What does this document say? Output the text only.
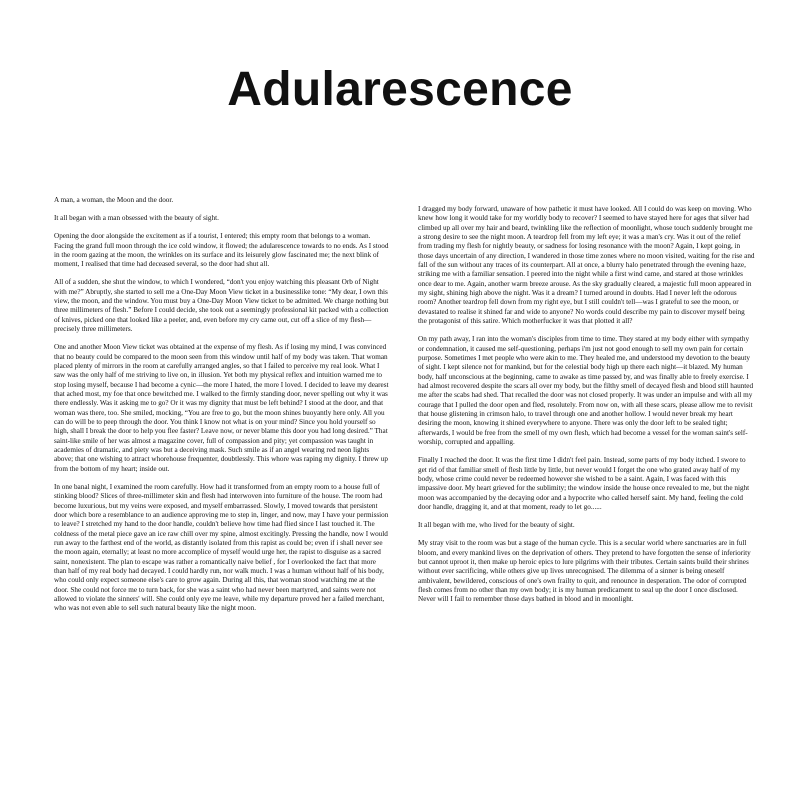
Adularescence

A man, a woman, the Moon and the door.

It all began with a man obsessed with the beauty of sight.

Opening the door alongside the excitement as if a tourist, I entered; this empty room that belongs to a woman. Facing the grand full moon through the ice cold window, it flowed; the adularescence towards to no ends. As I stood in the room gazing at the moon, the wrinkles on its surface and its leisurely glow fascinated me; the next blink of moment, I realised that time had deceased several, so the door had shut all.

All of a sudden, she shut the window, to which I wondered, “don't you enjoy watching this pleasant Orb of Night with me?” Abruptly, she started to sell me a One-Day Moon View ticket in a businesslike tone: “My dear, I own this view, the moon, and the window. You must buy a One-Day Moon View ticket to be admitted. We charge nothing but three millimeters of flesh.” Before I could decide, she took out a seemingly professional kit packed with a collection of knives, picked one that looked like a peeler, and, even before my cry came out, cut off a slice of my flesh—precisely three millimeters.

One and another Moon View ticket was obtained at the expense of my flesh. As if losing my mind, I was convinced that no beauty could be compared to the moon seen from this window until half of my body was taken. That woman placed plenty of mirrors in the room at carefully arranged angles, so that I failed to perceive my real look. What I saw was the only half of me striving to live on, in illusion. Yet both my physical reflex and intuition warned me to stop losing myself, because I had become a cynic—the more I hated, the more I loved. I decided to leave my dearest that ached most, my foe that once bewitched me. I walked to the firmly standing door, never spelling out why it was there endlessly. Was it asking me to go? Or it was my dignity that must be left behind? I stood at the door, and that woman was there, too. She smiled, mocking, “You are free to go, but the moon shines buoyantly here only. All you can do will be to peep through the door. You think I know not what is on your mind? Since you hold yourself so high, shall I break the door to help you flee faster? Leave now, or never blame this door you had long desired.” That saint-like smile of her was almost a magazine cover, full of compassion and pity; yet compassion was taught in academies of dramatic, and piety was but a deceiving mask. Such smile as if an angel wearing red neon lights above; that one wishing to attract whorehouse frequenter, doubtlessly. This whore was raping my dignity. I threw up from the bottom of my heart; inside out.

In one banal night, I examined the room carefully. How had it transformed from an empty room to a house full of stinking blood? Slices of three-millimeter skin and flesh had interwoven into furniture of the house. The room had become luxurious, but my veins were exposed, and myself embarrassed. Slowly, I moved towards that persistent door which bore a resemblance to an audience approving me to step in, linger, and now, may I have your permission to leave? I stretched my hand to the door handle, couldn't believe how time had flied since I last touched it. The coldness of the metal piece gave an ice raw chill over my spine, almost excitingly. Pressing the handle, now I would run away to the farthest end of the world, as distantly isolated from this rapist as could be; even if i shall never see the moon again, eternally; at least no more accomplice of myself would urge her, the rapist to disguise as a sacred saint, nonexistent. The plan to escape was rather a romantically naive belief , for I overlooked the fact that more than half of my real body had decayed. I could hardly run, nor walk much. I was a human without half of his body, who could only expect someone else's care to grow again. During all this, that woman stood watching me at the door. She could not force me to turn back, for she was a saint who had never been martyred, and saints were not allowed to violate the sinners' will. She could only eye me leave, while my departure proved her a failed merchant, who was not even able to sell such natural beauty like the night moon.

I dragged my body forward, unaware of how pathetic it must have looked. All I could do was keep on moving. Who knew how long it would take for my worldly body to recover? I seemed to have stayed here for ages that silver had climbed up all over my hair and beard, twinkling like the reflection of moonlight, whose touch suddenly brought me a strong desire to see the night moon. A teardrop fell from my left eye; it was a man's cry. Was it out of the relief from trading my flesh for nightly beauty, or sadness for losing resonance with the moon? Again, I kept going, in those days uncertain of any direction, I wandered in those time zones where no moon visited, waiting for the rise and fall of the sun without any traces of its counterpart. All at once, a blurry halo penetrated through the evening haze, striking me with a familiar sensation. I peered into the night while a first wind came, and stared at those wrinkles once dear to me. Again, another warm breeze arouse. As the sky gradually cleared, a majestic full moon appeared in my sight, shining high above the night. Was it a dream? I turned around in doubts. Had I never left the odorous room? Another teardrop fell down from my right eye, but I still couldn't tell—was I grateful to see the moon, or devastated to realise it shined far and wide to anyone? No words could describe my pain to discover myself being the protagonist of this satire. Which motherfucker it was that plotted it all?

On my path away, I ran into the woman's disciples from time to time. They stared at my body either with sympathy or condemnation, it caused me self-questioning, perhaps i'm just not good enough to sell my own pain for certain purpose. Sometimes I met people who were akin to me. They healed me, and understood my devotion to the beauty of sight. I kept silence not for mankind, but for the celestial body high up there each night—it blazed. My human body, half unconscious at the beginning, came to awake as time passed by, and was finally able to freely exercise. I had almost recovered despite the scars all over my body, but the filthy smell of decayed flesh and blood still haunted me after the scabs had shed. That recalled the door was not closed properly. It was under an impulse and with all my courage that I pulled the door open and fled, resolutely. From now on, with all these scars, please allow me to revisit that house glistening in crimson halo, to travel through one and another hollow. I would never break my heart desiring the moon, knowing it shined everywhere to anyone. There was only the door left to be sealed tight; afterwards, I would be free from the smell of my own flesh, which had become a vessel for the woman saint's self-worship, corrupted and appalling.

Finally I reached the door. It was the first time I didn't feel pain. Instead, some parts of my body itched. I swore to get rid of that familiar smell of flesh little by little, but never would I forget the one who grated away half of my body, whose crime could never be redeemed however she wished to be a saint. Again, I was faced with this impassive door. My heart grieved for the sublimity; the window inside the house once revealed to me, but the night moon was accompanied by the decaying odor and a hypocrite who called herself saint. My hand, feeling the cold door handle, dragging it, and at that moment, ready to let go......

It all began with me, who lived for the beauty of sight.

My stray visit to the room was but a stage of the human cycle. This is a secular world where sanctuaries are in full bloom, and every mankind lives on the deprivation of others. They pretend to have forgotten the sense of inferiority but cannot uproot it, then make up heroic epics to lure pilgrims with their tributes. Certain saints build their shrines without ever sacrificing, while others give up lives unrecognised. The dilemma of a sinner is being oneself ambivalent, bewildered, conscious of one's own frailty to quit, and renounce in desperation. The odor of corrupted flesh comes from no other than my own body; it is my human predicament to seal up the door I once disclosed. Never will I fail to remember those days bathed in blood and in moonlight.
